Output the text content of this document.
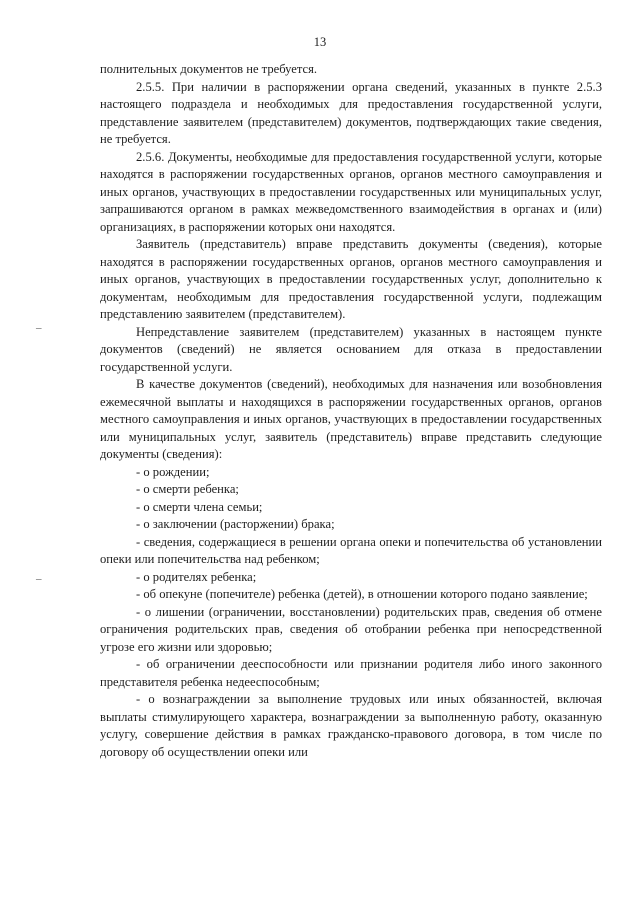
13
–
–

полнительных документов не требуется.

2.5.5. При наличии в распоряжении органа сведений, указанных в пункте 2.5.3 настоящего подраздела и необходимых для предоставления государственной услуги, представление заявителем (представителем) документов, подтверждающих такие сведения, не требуется.

2.5.6. Документы, необходимые для предоставления государственной услуги, которые находятся в распоряжении государственных органов, органов местного самоуправления и иных органов, участвующих в предоставлении государственных или муниципальных услуг, запрашиваются органом в рамках межведомственного взаимодействия в органах и (или) организациях, в распоряжении которых они находятся.

Заявитель (представитель) вправе представить документы (сведения), которые находятся в распоряжении государственных органов, органов местного самоуправления и иных органов, участвующих в предоставлении государственных услуг, дополнительно к документам, необходимым для предоставления государственной услуги, подлежащим представлению заявителем (представителем).

Непредставление заявителем (представителем) указанных в настоящем пункте документов (сведений) не является основанием для отказа в предоставлении государственной услуги.

В качестве документов (сведений), необходимых для назначения или возобновления ежемесячной выплаты и находящихся в распоряжении государственных органов, органов местного самоуправления и иных органов, участвующих в предоставлении государственных или муниципальных услуг, заявитель (представитель) вправе представить следующие документы (сведения):

- о рождении;

- о смерти ребенка;

- о смерти члена семьи;

- о заключении (расторжении) брака;

- сведения, содержащиеся в решении органа опеки и попечительства об установлении опеки или попечительства над ребенком;

- о родителях ребенка;

- об опекуне (попечителе) ребенка (детей), в отношении которого подано заявление;

- о лишении (ограничении, восстановлении) родительских прав, сведения об отмене ограничения родительских прав, сведения об отобрании ребенка при непосредственной угрозе его жизни или здоровью;

- об ограничении дееспособности или признании родителя либо иного законного представителя ребенка недееспособным;

- о вознаграждении за выполнение трудовых или иных обязанностей, включая выплаты стимулирующего характера, вознаграждении за выполненную работу, оказанную услугу, совершение действия в рамках гражданско-правового договора, в том числе по договору об осуществлении опеки или
